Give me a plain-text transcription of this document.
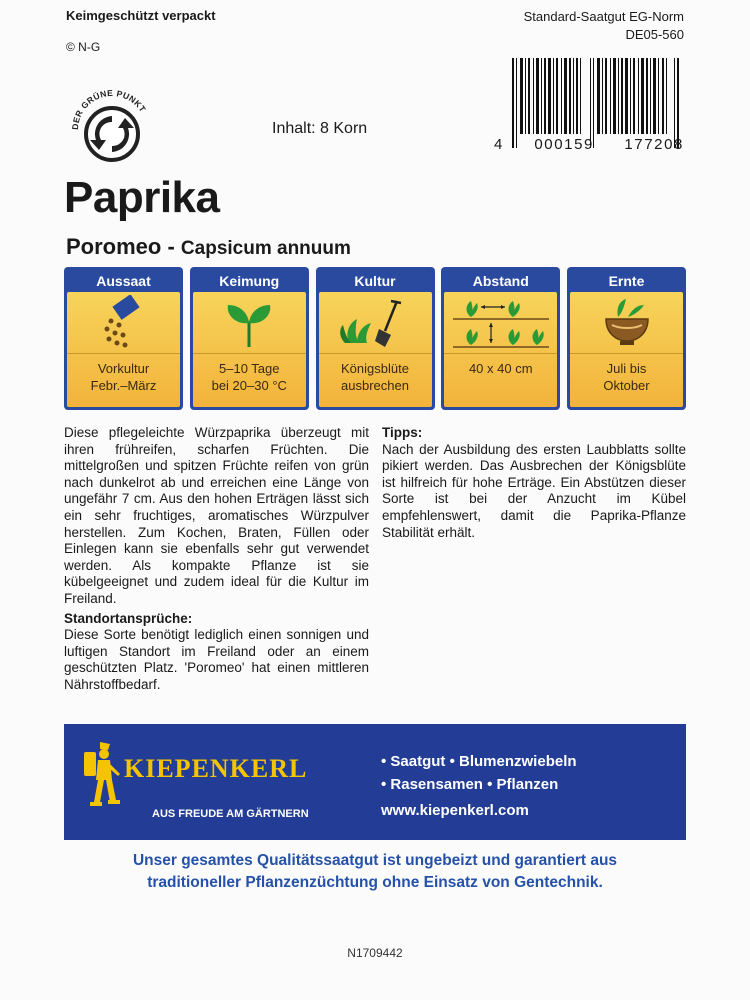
Keimgeschützt verpackt
© N-G
Standard-Saatgut EG-Norm
DE05-560
DER GRÜNE PUNKT
Inhalt: 8 Korn
4 000159 177208
Paprika
Poromeo - Capsicum annuum
Aussaat
Vorkultur
Febr.–März
Keimung
5–10 Tage
bei 20–30 °C
Kultur
Königsblüte
ausbrechen
Abstand
40 x 40 cm
Ernte
Juli bis
Oktober

Diese pflegeleichte Würzpaprika überzeugt mit ihren frühreifen, scharfen Früchten. Die mittelgroßen und spitzen Früchte reifen von grün nach dunkelrot ab und erreichen eine Länge von ungefähr 7 cm. Aus den hohen Erträgen lässt sich ein sehr fruchtiges, aromatisches Würzpulver herstellen. Zum Kochen, Braten, Füllen oder Einlegen kann sie ebenfalls sehr gut verwendet werden. Als kompakte Pflanze ist sie kübelgeeignet und zudem ideal für die Kultur im Freiland.

Standortansprüche:

Diese Sorte benötigt lediglich einen sonnigen und luftigen Standort im Freiland oder an einem geschützten Platz. 'Poromeo' hat einen mittleren Nährstoffbedarf.

Tipps:

Nach der Ausbildung des ersten Laubblatts sollte pikiert werden. Das Ausbrechen der Königsblüte ist hilfreich für hohe Erträge. Ein Abstützen dieser Sorte ist bei der Anzucht im Kübel empfehlenswert, damit die Paprika-Pflanze Stabilität erhält.

KIEPENKERL
AUS FREUDE AM GÄRTNERN
• Saatgut • Blumenzwiebeln
• Rasensamen • Pflanzen
www.kiepenkerl.com
Unser gesamtes Qualitätssaatgut ist ungebeizt und garantiert aus
traditioneller Pflanzenzüchtung ohne Einsatz von Gentechnik.
N1709442
